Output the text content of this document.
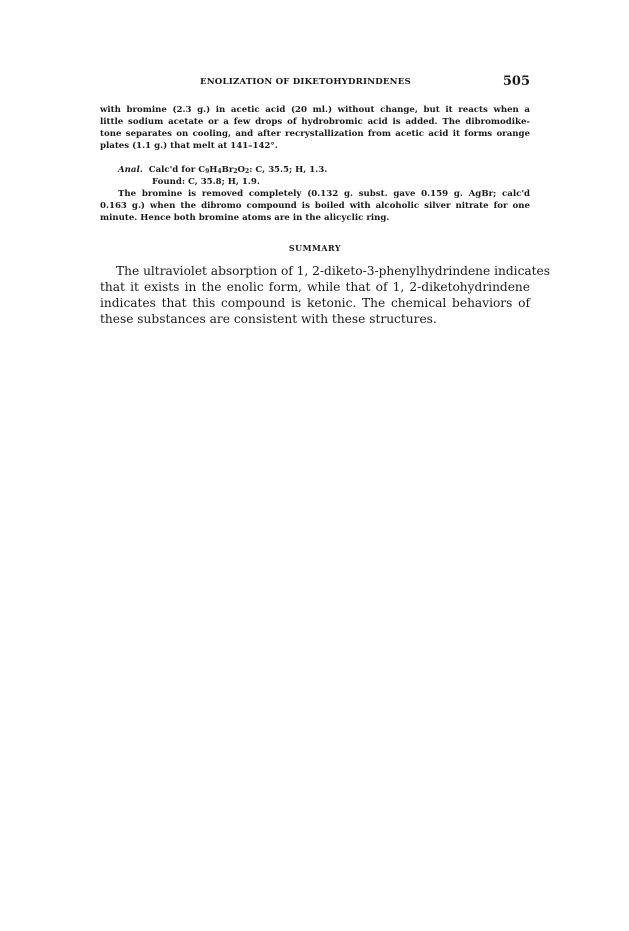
ENOLIZATION OF DIKETOHYDRINDENES	505
with bromine (2.3 g.) in acetic acid (20 ml.) without change, but it reacts when a
little sodium acetate or a few drops of hydrobromic acid is added. The dibromodike-
tone separates on cooling, and after recrystallization from acetic acid it forms orange
plates (1.1 g.) that melt at 141–142°.
Anal. Calc'd for $C_9H_4Br_2O_2$: C, 35.5; H, 1.3.
Found: C, 35.8; H, 1.9.
The bromine is removed completely (0.132 g. subst. gave 0.159 g. AgBr; calc'd
0.163 g.) when the dibromo compound is boiled with alcoholic silver nitrate for one
minute. Hence both bromine atoms are in the alicyclic ring.
SUMMARY
The ultraviolet absorption of 1, 2-diketo-3-phenylhydrindene indicates
that it exists in the enolic form, while that of 1, 2-diketohydrindene
indicates that this compound is ketonic. The chemical behaviors of
these substances are consistent with these structures.
